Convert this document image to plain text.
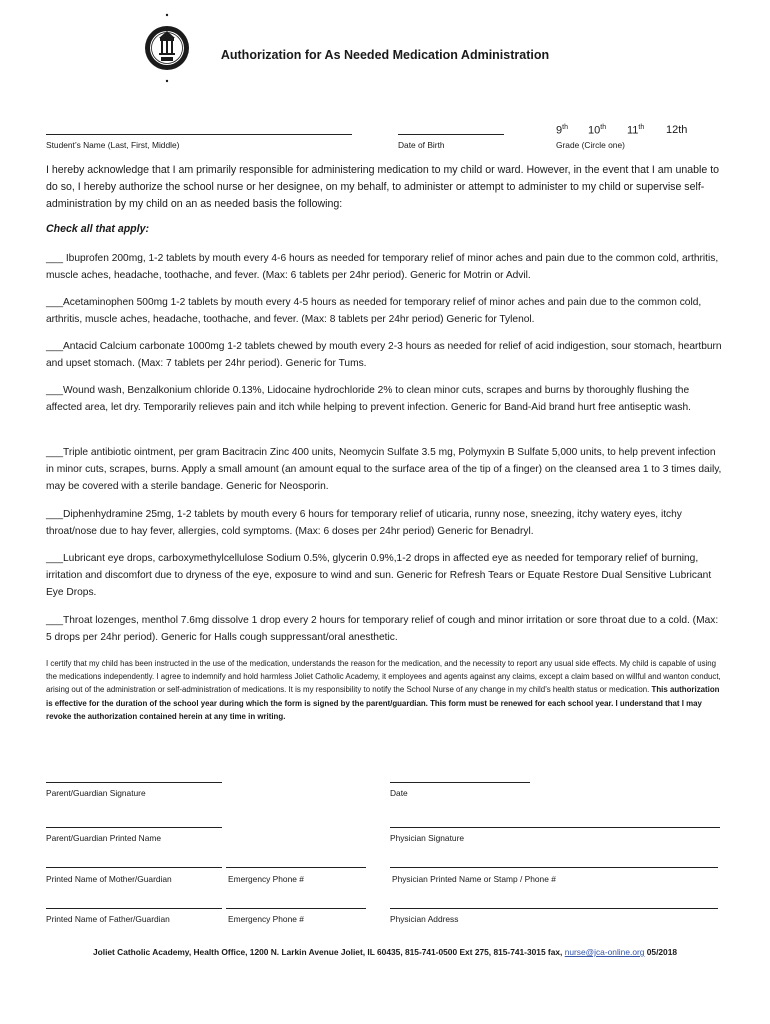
Authorization for As Needed Medication Administration
9th 10th 11th 12th
Student’s Name (Last, First, Middle)	Date of Birth	Grade (Circle one)
I hereby acknowledge that I am primarily responsible for administering medication to my child or ward. However, in the event that I am unable to do so, I hereby authorize the school nurse or her designee, on my behalf, to administer or attempt to administer to my child or supervise self-administration by my child on an as needed basis the following:
Check all that apply:
___ Ibuprofen 200mg, 1-2 tablets by mouth every 4-6 hours as needed for temporary relief of minor aches and pain due to the common cold, arthritis, muscle aches, headache, toothache, and fever. (Max: 6 tablets per 24hr period). Generic for Motrin or Advil.
___Acetaminophen 500mg 1-2 tablets by mouth every 4-5 hours as needed for temporary relief of minor aches and pain due to the common cold, arthritis, muscle aches, headache, toothache, and fever. (Max: 8 tablets per 24hr period) Generic for Tylenol.
___Antacid Calcium carbonate 1000mg 1-2 tablets chewed by mouth every 2-3 hours as needed for relief of acid indigestion, sour stomach, heartburn and upset stomach. (Max: 7 tablets per 24hr period). Generic for Tums.
___Wound wash, Benzalkonium chloride 0.13%, Lidocaine hydrochloride 2% to clean minor cuts, scrapes and burns by thoroughly flushing the affected area, let dry. Temporarily relieves pain and itch while helping to prevent infection. Generic for Band-Aid brand hurt free antiseptic wash.
___Triple antibiotic ointment, per gram Bacitracin Zinc 400 units, Neomycin Sulfate 3.5 mg, Polymyxin B Sulfate 5,000 units, to help prevent infection in minor cuts, scrapes, burns. Apply a small amount (an amount equal to the surface area of the tip of a finger) on the cleansed area 1 to 3 times daily, may be covered with a sterile bandage. Generic for Neosporin.
___Diphenhydramine 25mg, 1-2 tablets by mouth every 6 hours for temporary relief of uticaria, runny nose, sneezing, itchy watery eyes, itchy throat/nose due to hay fever, allergies, cold symptoms. (Max: 6 doses per 24hr period) Generic for Benadryl.
___Lubricant eye drops, carboxymethylcellulose Sodium 0.5%, glycerin 0.9%,1-2 drops in affected eye as needed for temporary relief of burning, irritation and discomfort due to dryness of the eye, exposure to wind and sun. Generic for Refresh Tears or Equate Restore Dual Sensitive Lubricant Eye Drops.
___Throat lozenges, menthol 7.6mg dissolve 1 drop every 2 hours for temporary relief of cough and minor irritation or sore throat due to a cold. (Max: 5 drops per 24hr period). Generic for Halls cough suppressant/oral anesthetic.
I certify that my child has been instructed in the use of the medication, understands the reason for the medication, and the necessity to report any usual side effects. My child is capable of using the medications independently. I agree to indemnify and hold harmless Joliet Catholic Academy, it employees and agents against any claims, except a claim based on willful and wanton conduct, arising out of the administration or self-administration of medications. It is my responsibility to notify the School Nurse of any change in my child’s health status or medication. This authorization is effective for the duration of the school year during which the form is signed by the parent/guardian. This form must be renewed for each school year. I understand that I may revoke the authorization contained herein at any time in writing.
Parent/Guardian Signature	Date
Parent/Guardian Printed Name	Physician Signature
Printed Name of Mother/Guardian	Emergency Phone #	Physician Printed Name or Stamp / Phone #
Printed Name of Father/Guardian	Emergency Phone #	Physician Address
Joliet Catholic Academy, Health Office, 1200 N. Larkin Avenue Joliet, IL 60435, 815-741-0500 Ext 275, 815-741-3015 fax, nurse@jca-online.org 05/2018
